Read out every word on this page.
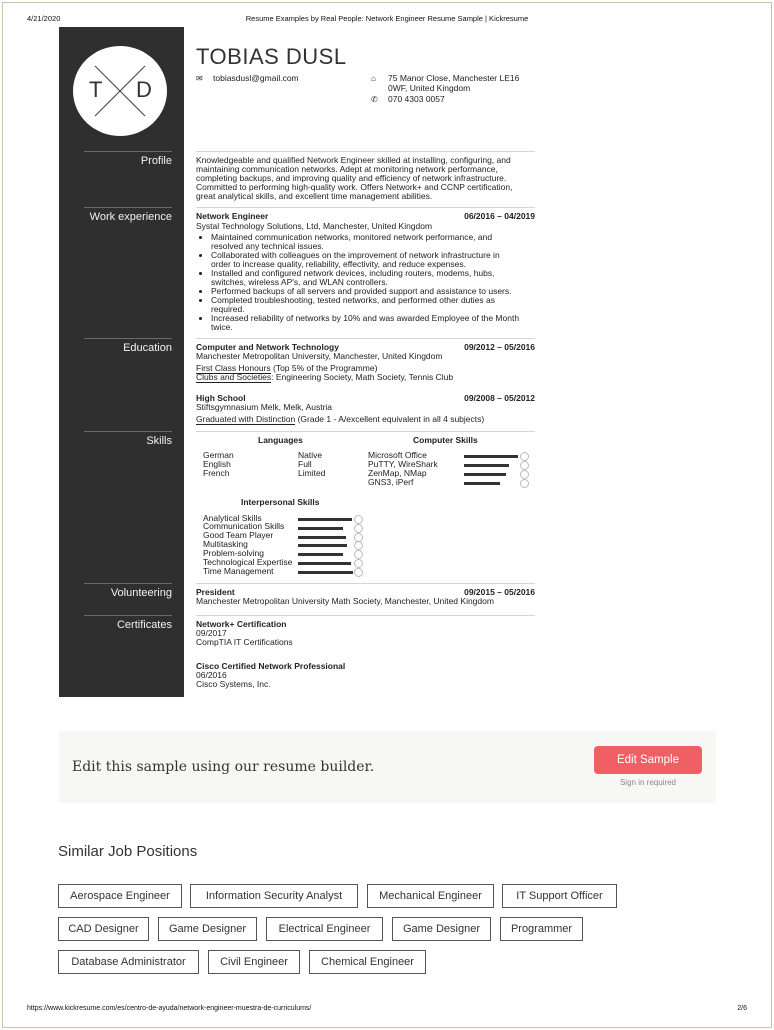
4/21/2020	Resume Examples by Real People: Network Engineer Resume Sample | Kickresume
T D
Profile
Work experience
Education
Skills
Volunteering
Certificates
TOBIAS DUSL
✉ tobiasdusl@gmail.com	⌂ 75 Manor Close, Manchester LE16
0WF, United Kingdom
✆ 070 4303 0057
Knowledgeable and qualified Network Engineer skilled at installing, configuring, and
maintaining communication networks. Adept at monitoring network performance,
completing backups, and improving quality and efficiency of network infrastructure.
Committed to performing high-quality work. Offers Network+ and CCNP certification,
great analytical skills, and excellent time management abilities.
Network Engineer	06/2016 – 04/2019
Systal Technology Solutions, Ltd, Manchester, United Kingdom
• Maintained communication networks, monitored network performance, and
resolved any technical issues.
• Collaborated with colleagues on the improvement of network infrastructure in
order to increase quality, reliability, effectivity, and reduce expenses.
• Installed and configured network devices, including routers, modems, hubs,
switches, wireless AP's, and WLAN controllers.
• Performed backups of all servers and provided support and assistance to users.
• Completed troubleshooting, tested networks, and performed other duties as
required.
• Increased reliability of networks by 10% and was awarded Employee of the Month
twice.
Computer and Network Technology	09/2012 – 05/2016
Manchester Metropolitan University, Manchester, United Kingdom
First Class Honours (Top 5% of the Programme)
Clubs and Societies: Engineering Society, Math Society, Tennis Club
High School	09/2008 – 05/2012
Stiftsgymnasium Melk, Melk, Austria
Graduated with Distinction (Grade 1 - A/excellent equivalent in all 4 subjects)
Languages	Computer Skills
German	Native
English	Full
French	Limited
Microsoft Office
PuTTY, WireShark
ZenMap, NMap
GNS3, iPerf
Interpersonal Skills
Analytical Skills
Communication Skills
Good Team Player
Multitasking
Problem-solving
Technological Expertise
Time Management
President	09/2015 – 05/2016
Manchester Metropolitan University Math Society, Manchester, United Kingdom
Network+ Certification
09/2017
CompTIA IT Certifications
Cisco Certified Network Professional
06/2016
Cisco Systems, Inc.
Edit this sample using our resume builder.	Edit Sample
Sign in required
Similar Job Positions
Aerospace Engineer	Information Security Analyst	Mechanical Engineer	IT Support Officer
CAD Designer	Game Designer	Electrical Engineer	Game Designer	Programmer
Database Administrator	Civil Engineer	Chemical Engineer
https://www.kickresume.com/es/centro-de-ayuda/network-engineer-muestra-de-curriculums/	2/6
